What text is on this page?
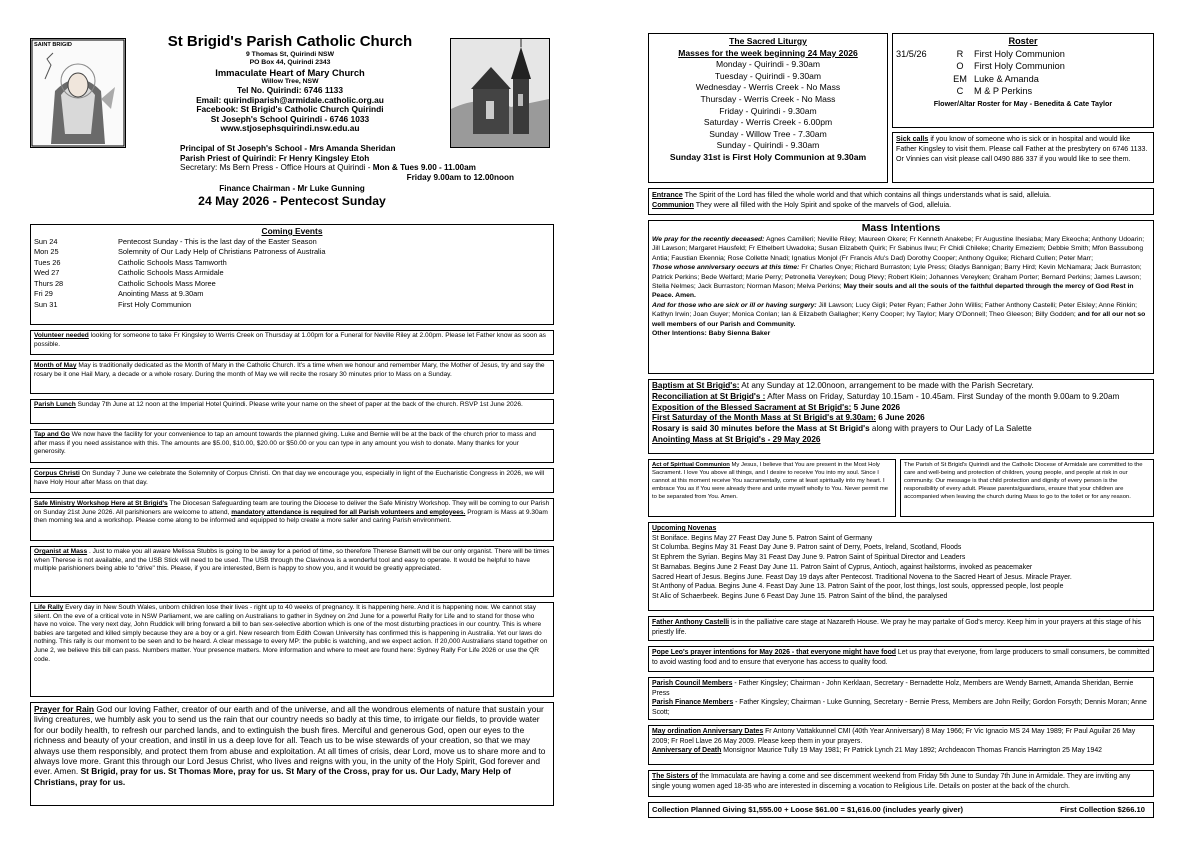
SAINT BRIGID	St Brigid's Parish Catholic Church
9 Thomas St, Quirindi NSW
PO Box 44, Quirindi 2343
Immaculate Heart of Mary Church
Willow Tree, NSW
Tel No. Quirindi: 6746 1133
Email: quirindiparish@armidale.catholic.org.au
Facebook: St Brigid's Catholic Church Quirindi
St Joseph's School Quirindi - 6746 1033
www.stjosephsquirindi.nsw.edu.au
Principal of St Joseph's School - Mrs Amanda Sheridan
Parish Priest of Quirindi: Fr Henry Kingsley Etoh
Secretary: Ms Bern Press - Office Hours at Quirindi - Mon & Tues 9.00 - 11.00am
Friday 9.00am to 12.00noon
Finance Chairman - Mr Luke Gunning
24 May 2026 - Pentecost Sunday
Coming Events
Sun 24	Pentecost Sunday - This is the last day of the Easter Season
Mon 25	Solemnity of Our Lady Help of Christians Patroness of Australia
Tues 26	Catholic Schools Mass Tamworth
Wed 27	Catholic Schools Mass Armidale
Thurs 28	Catholic Schools Mass Moree
Fri 29	Anointing Mass at 9.30am
Sun 31	First Holy Communion
Volunteer needed looking for someone to take Fr Kingsley to Werris Creek on Thursday at 1.00pm for a Funeral for Neville Riley at 2.00pm. Please let Father know as soon as possible.
Month of May May is traditionally dedicated as the Month of Mary in the Catholic Church. It's a time when we honour and remember Mary, the Mother of Jesus, try and say the rosary be it one Hail Mary, a decade or a whole rosary. During the month of May we will recite the rosary 30 minutes prior to Mass on a Sunday.
Parish Lunch Sunday 7th June at 12 noon at the Imperial Hotel Quirindi. Please write your name on the sheet of paper at the back of the church. RSVP 1st June 2026.
Tap and Go We now have the facility for your convenience to tap an amount towards the planned giving. Luke and Bernie will be at the back of the church prior to mass and after mass if you need assistance with this. The amounts are $5.00, $10.00, $20.00 or $50.00 or you can type in any amount you wish to donate. Many thanks for your generosity.
Corpus Christi On Sunday 7 June we celebrate the Solemnity of Corpus Christi. On that day we encourage you, especially in light of the Eucharistic Congress in 2026, we will have Holy Hour after Mass on that day.
Safe Ministry Workshop Here at St Brigid's The Diocesan Safeguarding team are touring the Diocese to deliver the Safe Ministry Workshop. They will be coming to our Parish on Sunday 21st June 2026. All parishioners are welcome to attend, mandatory attendance is required for all Parish volunteers and employees. Program is Mass at 9.30am then morning tea and a workshop. Please come along to be informed and equipped to help create a more safer and caring Parish environment.
Organist at Mass . Just to make you all aware Melissa Stubbs is going to be away for a period of time, so therefore Therese Barnett will be our only organist. There will be times when Therese is not available, and the USB Stick will need to be used. The USB through the Clavinova is a wonderful tool and easy to operate. It would be helpful to have multiple parishioners being able to "drive" this. Please, if you are interested, Bern is happy to show you, and it would be greatly appreciated.
Life Rally Every day in New South Wales, unborn children lose their lives - right up to 40 weeks of pregnancy. It is happening here. And it is happening now. We cannot stay silent. On the eve of a critical vote in NSW Parliament, we are calling on Australians to gather in Sydney on 2nd June for a powerful Rally for Life and to stand for those who have no voice. The very next day, John Ruddick will bring forward a bill to ban sex-selective abortion which is one of the most disturbing practices in our country. This is where babies are targeted and killed simply because they are a boy or a girl. New research from Edith Cowan University has confirmed this is happening in Australia. Yet our laws do nothing. This rally is our moment to be seen and to be heard. A clear message to every MP: the public is watching, and we expect action. If 20,000 Australians stand together on June 2, we believe this bill can pass. Numbers matter. Your presence matters. More information and where to meet are found here: Sydney Rally For Life 2026 or use the QR code.
Prayer for Rain God our loving Father, creator of our earth and of the universe, and all the wondrous elements of nature that sustain your living creatures, we humbly ask you to send us the rain that our country needs so badly at this time, to irrigate our fields, to provide water for our bodily health, to refresh our parched lands, and to extinguish the bush fires. Merciful and generous God, open our eyes to the richness and beauty of your creation, and instil in us a deep love for all. Teach us to be wise stewards of your creation, so that we may always use them responsibly, and protect them from abuse and exploitation. At all times of crisis, dear Lord, move us to share more and to always love more. Grant this through our Lord Jesus Christ, who lives and reigns with you, in the unity of the Holy Spirit, God forever and ever. Amen. St Brigid, pray for us. St Thomas More, pray for us. St Mary of the Cross, pray for us. Our Lady, Mary Help of Christians, pray for us.
The Sacred Liturgy
Masses for the week beginning 24 May 2026
Monday - Quirindi - 9.30am
Tuesday - Quirindi - 9.30am
Wednesday - Werris Creek - No Mass
Thursday - Werris Creek - No Mass
Friday - Quirindi - 9.30am
Saturday - Werris Creek - 6.00pm
Sunday - Willow Tree - 7.30am
Sunday - Quirindi - 9.30am
Sunday 31st is First Holy Communion at 9.30am
Roster
31/5/26	R	First Holy Communion
	O	First Holy Communion
	EM	Luke & Amanda
	C	M & P Perkins
Flower/Altar Roster for May - Benedita & Cate Taylor
Sick calls if you know of someone who is sick or in hospital and would like Father Kingsley to visit them. Please call Father at the presbytery on 6746 1133. Or Vinnies can visit please call 0490 886 337 if you would like to see them.
Entrance The Spirit of the Lord has filled the whole world and that which contains all things understands what is said, alleluia.
Communion They were all filled with the Holy Spirit and spoke of the marvels of God, alleluia.
Mass Intentions
We pray for the recently deceased: Agnes Camilleri; Neville Riley; Maureen Okere; Fr Kenneth Anakebe; Fr Augustine Ihesiaba; Mary Ekeocha; Anthony Udoarin; Jill Lawson; Margaret Hausfeld; Fr Ethelbert Uwadoka; Susan Elizabeth Quirk; Fr Sabinus Ilwu; Fr Chidi Chileke; Charity Emeziem; Debbie Smith; Mfon Bassubong Antia; Faustian Ekennia; Rose Collette Nnadi; Ignatius Monjol (Fr Francis Afu's Dad) Dorothy Cooper; Anthony Oguike; Richard Cullen; Peter Marr;
Those whose anniversary occurs at this time: Fr Charles Onye; Richard Burraston; Lyle Press; Gladys Bannigan; Barry Hird; Kevin McNamara; Jack Burraston; Patrick Perkins; Bede Welfard; Marie Perry; Petronella Vereyken; Doug Plevy; Robert Klein; Johannes Vereyken; Graham Porter; Bernard Perkins; James Lawson; Stella Nelmes; Jack Burraston; Norman Mason; Melva Perkins; May their souls and all the souls of the faithful departed through the mercy of God Rest in Peace. Amen.
And for those who are sick or ill or having surgery: Jill Lawson; Lucy Gigli; Peter Ryan; Father John Willis; Father Anthony Castelli; Peter Elsley; Anne Rinkin; Kathyn Irwin; Joan Guyer; Monica Conlan; Ian & Elizabeth Gallagher; Kerry Cooper; Ivy Taylor; Mary O'Donnell; Theo Gleeson; Billy Godden; and for all our not so well members of our Parish and Community.
Other Intentions: Baby Sienna Baker
Baptism at St Brigid's: At any Sunday at 12.00noon, arrangement to be made with the Parish Secretary.
Reconciliation at St Brigid's : After Mass on Friday, Saturday 10.15am - 10.45am. First Sunday of the month 9.00am to 9.20am
Exposition of the Blessed Sacrament at St Brigid's: 5 June 2026
First Saturday of the Month Mass at St Brigid's at 9.30am: 6 June 2026
Rosary is said 30 minutes before the Mass at St Brigid's along with prayers to Our Lady of La Salette
Anointing Mass at St Brigid's - 29 May 2026
Act of Spiritual Communion My Jesus, I believe that You are present in the Most Holy Sacrament. I love You above all things, and I desire to receive You into my soul. Since I cannot at this moment receive You sacramentally, come at least spiritually into my heart. I embrace You as if You were already there and unite myself wholly to You. Never permit me to be separated from You. Amen.
The Parish of St Brigid's Quirindi and the Catholic Diocese of Armidale are committed to the care and well-being and protection of children, young people, and people at risk in our community. Our message is that child protection and dignity of every person is the responsibility of every adult. Please parents/guardians, ensure that your children are accompanied when leaving the church during Mass to go to the toilet or for any reason.
Upcoming Novenas
St Boniface. Begins May 27 Feast Day June 5. Patron Saint of Germany
St Columba. Begins May 31 Feast Day June 9. Patron saint of Derry, Poets, Ireland, Scotland, Floods
St Ephrem the Syrian. Begins May 31 Feast Day June 9. Patron Saint of Spiritual Director and Leaders
St Barnabas. Begins June 2 Feast Day June 11. Patron Saint of Cyprus, Antioch, against hailstorms, invoked as peacemaker
Sacred Heart of Jesus. Begins June. Feast Day 19 days after Pentecost. Traditional Novena to the Sacred Heart of Jesus. Miracle Prayer.
St Anthony of Padua. Begins June 4. Feast Day June 13. Patron Saint of the poor, lost things, lost souls, oppressed people, lost people
St Alic of Schaerbeek. Begins June 6 Feast Day June 15. Patron Saint of the blind, the paralysed
Father Anthony Castelli is in the palliative care stage at Nazareth House. We pray he may partake of God's mercy. Keep him in your prayers at this stage of his priestly life.
Pope Leo's prayer intentions for May 2026 - that everyone might have food Let us pray that everyone, from large producers to small consumers, be committed to avoid wasting food and to ensure that everyone has access to quality food.
Parish Council Members - Father Kingsley; Chairman - John Kerklaan, Secretary - Bernadette Holz, Members are Wendy Barnett, Amanda Sheridan, Bernie Press
Parish Finance Members - Father Kingsley; Chairman - Luke Gunning, Secretary - Bernie Press, Members are John Reilly; Gordon Forsyth; Dennis Moran; Anne Scott;
May ordination Anniversary Dates Fr Antony Vattakkunnel CMI (40th Year Anniversary) 8 May 1966; Fr Vic Ignacio MS 24 May 1989; Fr Paul Aguilar 26 May 2009; Fr Roel Llave 26 May 2009. Please keep them in your prayers.
Anniversary of Death Monsignor Maurice Tully 19 May 1981; Fr Patrick Lynch 21 May 1892; Archdeacon Thomas Francis Harrington 25 May 1942
The Sisters of the Immaculata are having a come and see discernment weekend from Friday 5th June to Sunday 7th June in Armidale. They are inviting any single young women aged 18-35 who are interested in discerning a vocation to Religious Life. Details on poster at the back of the church.
Collection Planned Giving $1,555.00 + Loose $61.00 = $1,616.00 (includes yearly giver)	First Collection $266.10
